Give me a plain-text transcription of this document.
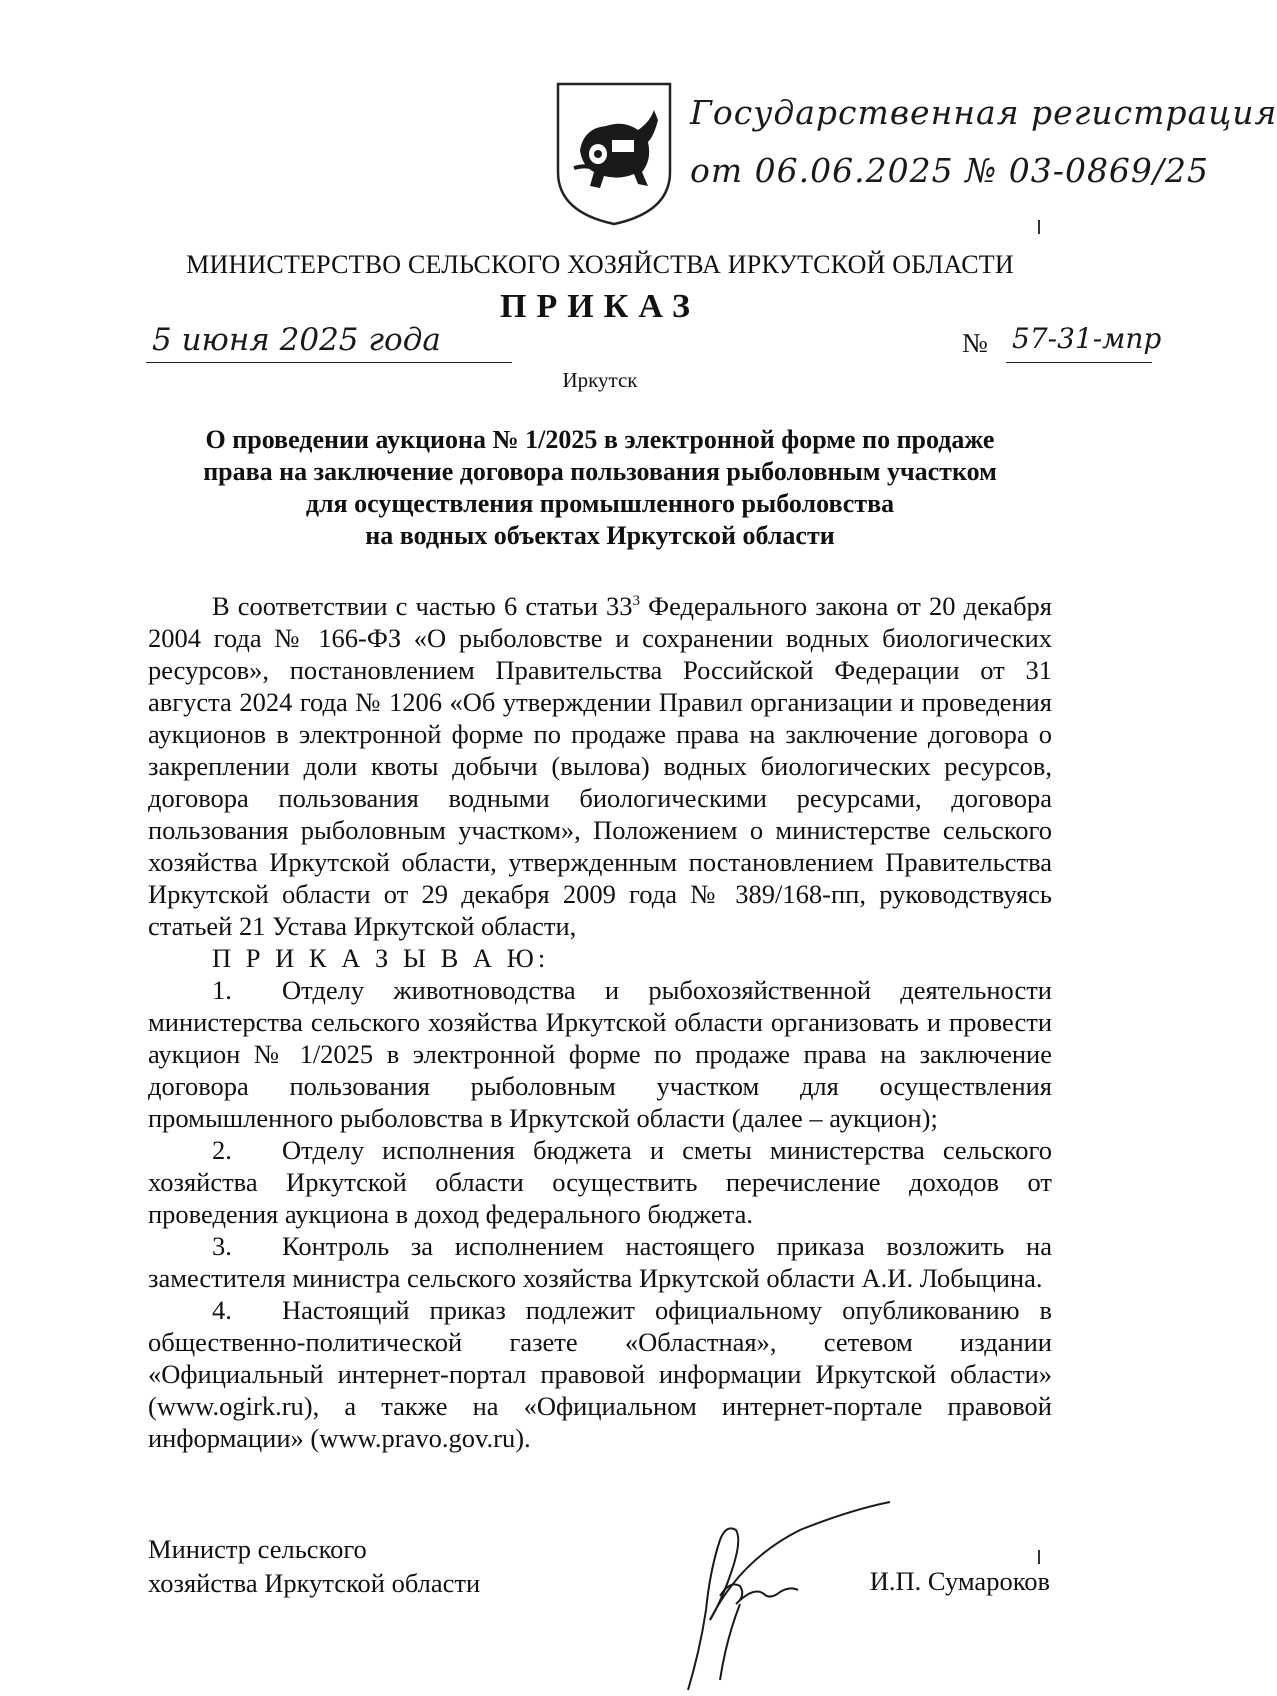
Государственная регистрация
от 06.06.2025 № 03-0869/25
МИНИСТЕРСТВО СЕЛЬСКОГО ХОЗЯЙСТВА ИРКУТСКОЙ ОБЛАСТИ
ПРИКАЗ
5 июня 2025 года	№ 57-31-мпр
Иркутск
О проведении аукциона № 1/2025 в электронной форме по продаже
права на заключение договора пользования рыболовным участком
для осуществления промышленного рыболовства
на водных объектах Иркутской области
В соответствии с частью 6 статьи $33^3$ Федерального закона от 20 декабря 2004 года № 166-ФЗ «О рыболовстве и сохранении водных биологических ресурсов», постановлением Правительства Российской Федерации от 31 августа 2024 года № 1206 «Об утверждении Правил организации и проведения аукционов в электронной форме по продаже права на заключение договора о закреплении доли квоты добычи (вылова) водных биологических ресурсов, договора пользования водными биологическими ресурсами, договора пользования рыболовным участком», Положением о министерстве сельского хозяйства Иркутской области, утвержденным постановлением Правительства Иркутской области от 29 декабря 2009 года № 389/168-пп, руководствуясь статьей 21 Устава Иркутской области,
П Р И К А З Ы В А Ю:
1. Отделу животноводства и рыбохозяйственной деятельности министерства сельского хозяйства Иркутской области организовать и провести аукцион № 1/2025 в электронной форме по продаже права на заключение договора пользования рыболовным участком для осуществления промышленного рыболовства в Иркутской области (далее – аукцион);
2. Отделу исполнения бюджета и сметы министерства сельского хозяйства Иркутской области осуществить перечисление доходов от проведения аукциона в доход федерального бюджета.
3. Контроль за исполнением настоящего приказа возложить на заместителя министра сельского хозяйства Иркутской области А.И. Лобыцина.
4. Настоящий приказ подлежит официальному опубликованию в общественно-политической газете «Областная», сетевом издании «Официальный интернет-портал правовой информации Иркутской области» (www.ogirk.ru), а также на «Официальном интернет-портале правовой информации» (www.pravo.gov.ru).
Министр сельского
хозяйства Иркутской области	И.П. Сумароков
